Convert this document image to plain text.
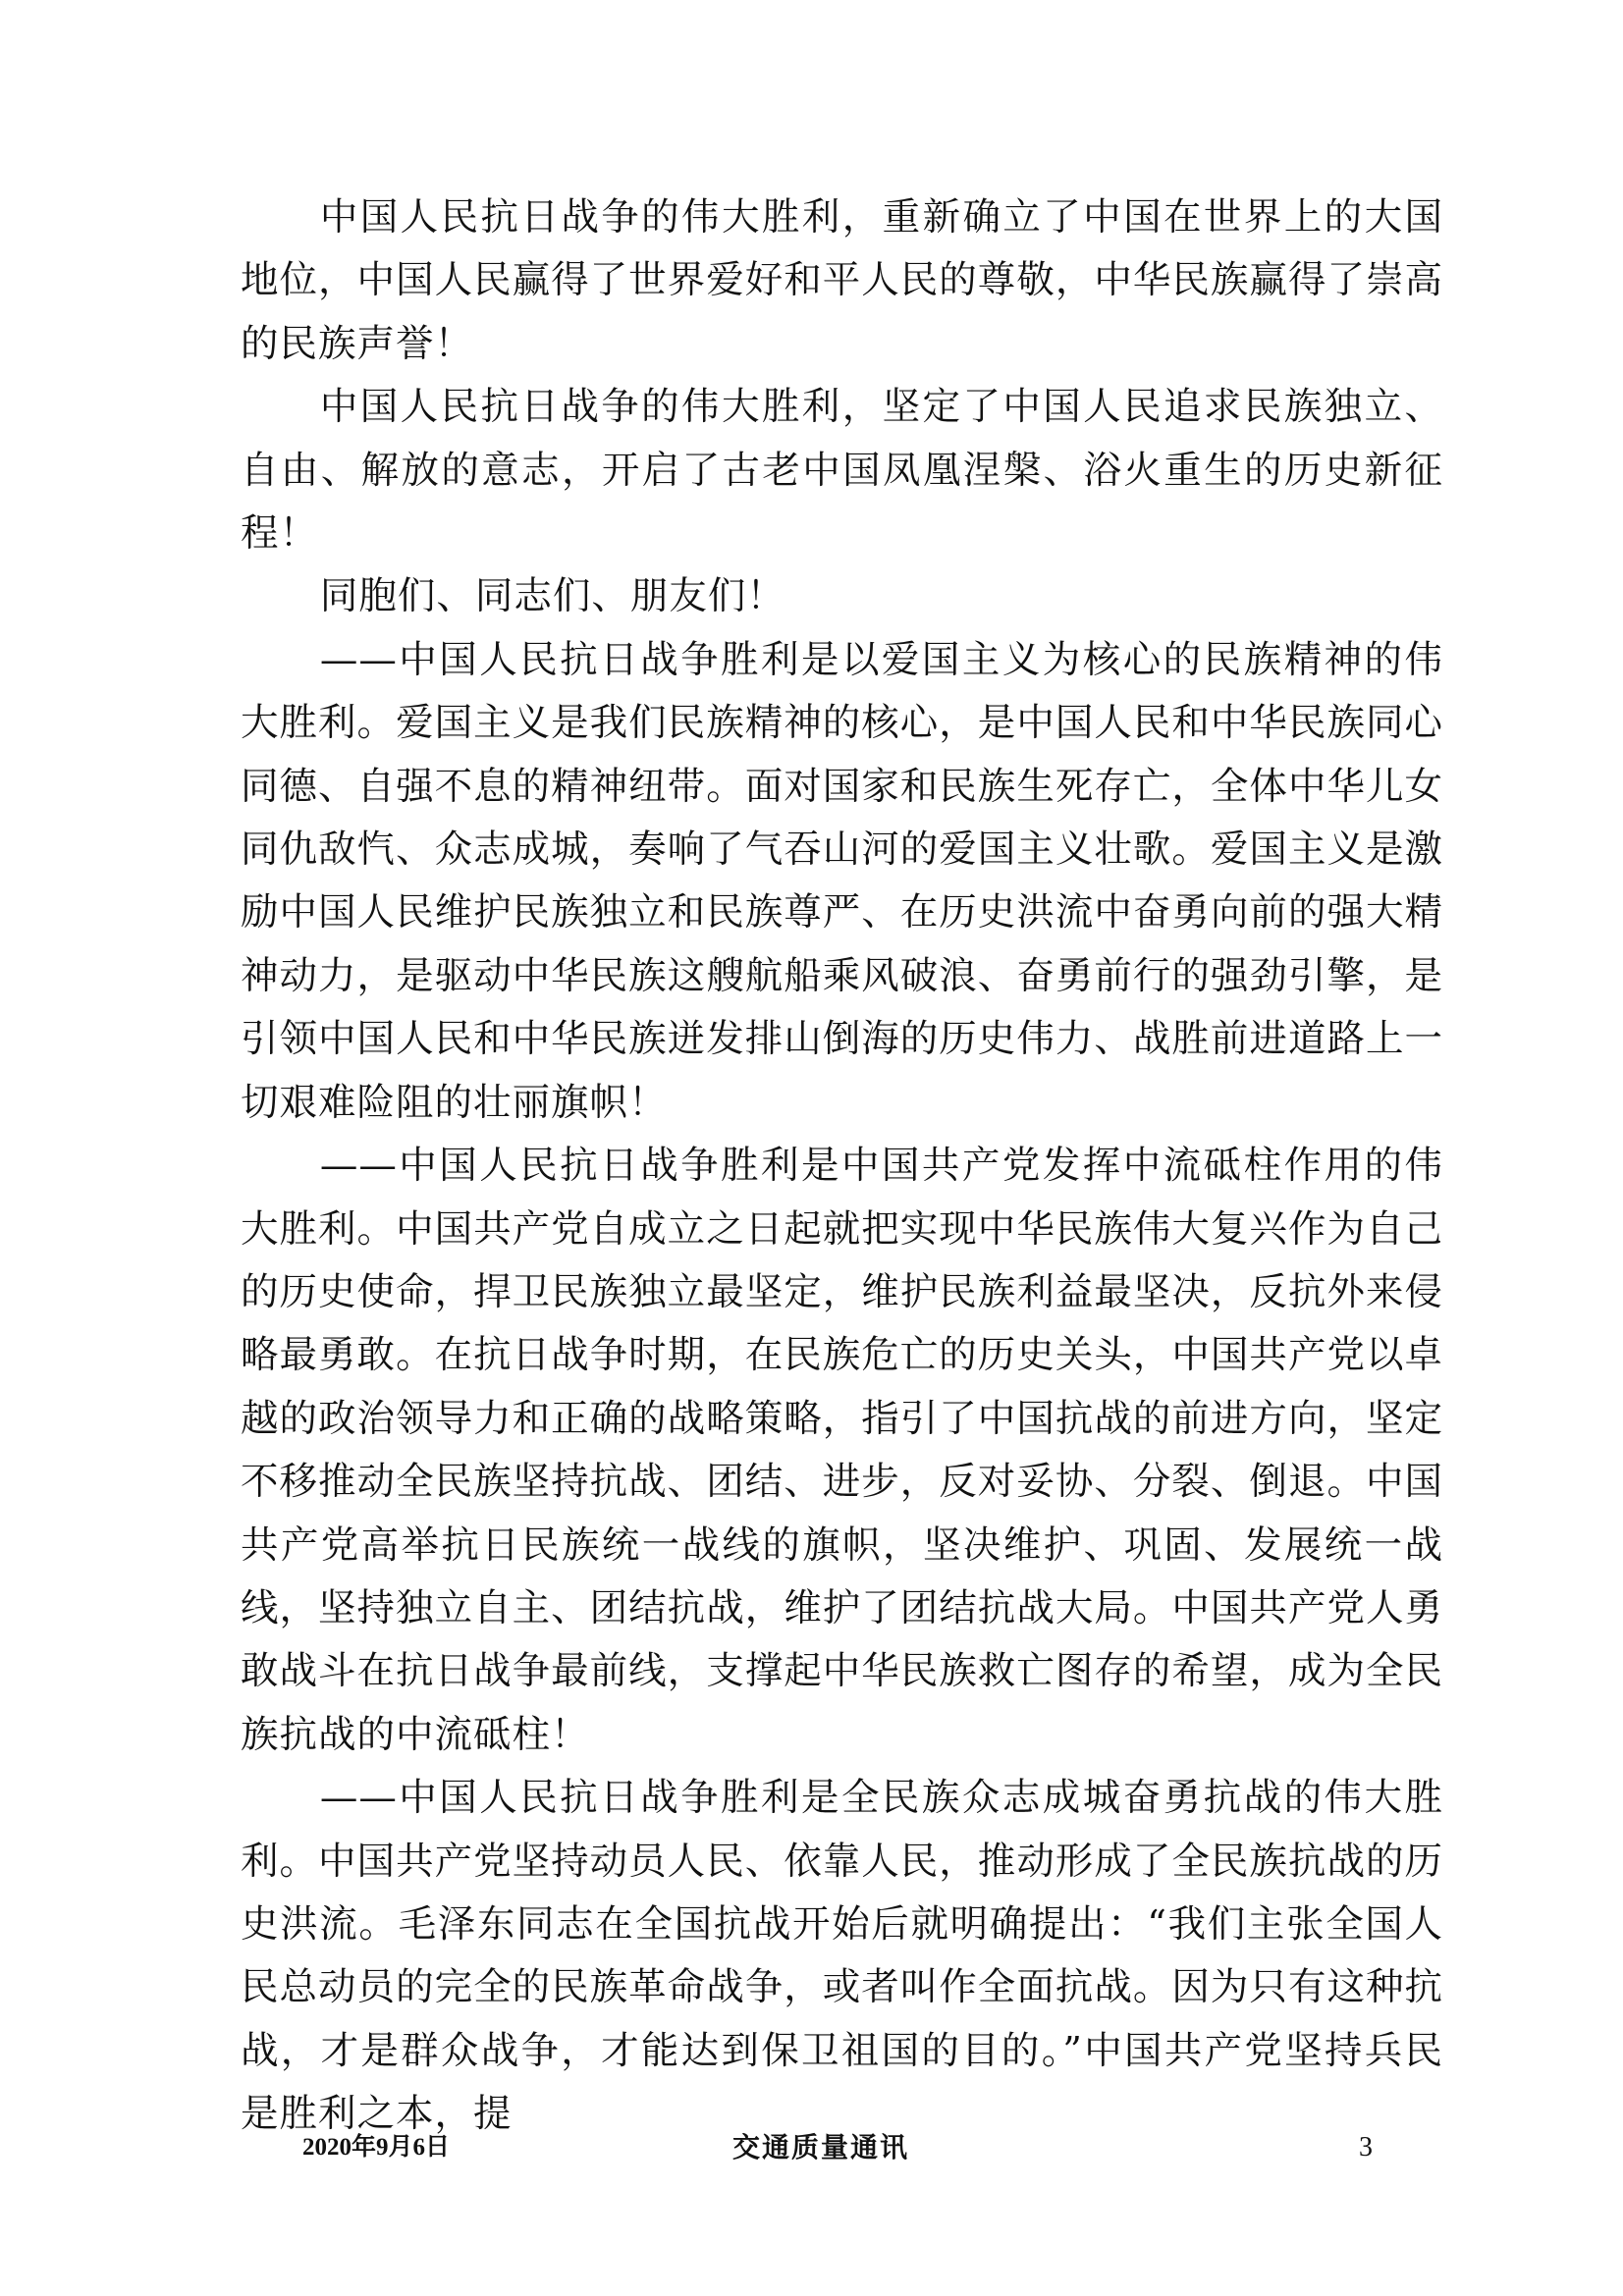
中国人民抗日战争的伟大胜利，重新确立了中国在世界上的大国地位，中国人民赢得了世界爱好和平人民的尊敬，中华民族赢得了崇高的民族声誉！

中国人民抗日战争的伟大胜利，坚定了中国人民追求民族独立、自由、解放的意志，开启了古老中国凤凰涅槃、浴火重生的历史新征程！

同胞们、同志们、朋友们！

——中国人民抗日战争胜利是以爱国主义为核心的民族精神的伟大胜利。爱国主义是我们民族精神的核心，是中国人民和中华民族同心同德、自强不息的精神纽带。面对国家和民族生死存亡，全体中华儿女同仇敌忾、众志成城，奏响了气吞山河的爱国主义壮歌。爱国主义是激励中国人民维护民族独立和民族尊严、在历史洪流中奋勇向前的强大精神动力，是驱动中华民族这艘航船乘风破浪、奋勇前行的强劲引擎，是引领中国人民和中华民族迸发排山倒海的历史伟力、战胜前进道路上一切艰难险阻的壮丽旗帜！

——中国人民抗日战争胜利是中国共产党发挥中流砥柱作用的伟大胜利。中国共产党自成立之日起就把实现中华民族伟大复兴作为自己的历史使命，捍卫民族独立最坚定，维护民族利益最坚决，反抗外来侵略最勇敢。在抗日战争时期，在民族危亡的历史关头，中国共产党以卓越的政治领导力和正确的战略策略，指引了中国抗战的前进方向，坚定不移推动全民族坚持抗战、团结、进步，反对妥协、分裂、倒退。中国共产党高举抗日民族统一战线的旗帜，坚决维护、巩固、发展统一战线，坚持独立自主、团结抗战，维护了团结抗战大局。中国共产党人勇敢战斗在抗日战争最前线，支撑起中华民族救亡图存的希望，成为全民族抗战的中流砥柱！

——中国人民抗日战争胜利是全民族众志成城奋勇抗战的伟大胜利。中国共产党坚持动员人民、依靠人民，推动形成了全民族抗战的历史洪流。毛泽东同志在全国抗战开始后就明确提出：“我们主张全国人民总动员的完全的民族革命战争，或者叫作全面抗战。因为只有这种抗战，才是群众战争，才能达到保卫祖国的目的。”中国共产党坚持兵民是胜利之本，提

2020年9月6日	交通质量通讯	3
